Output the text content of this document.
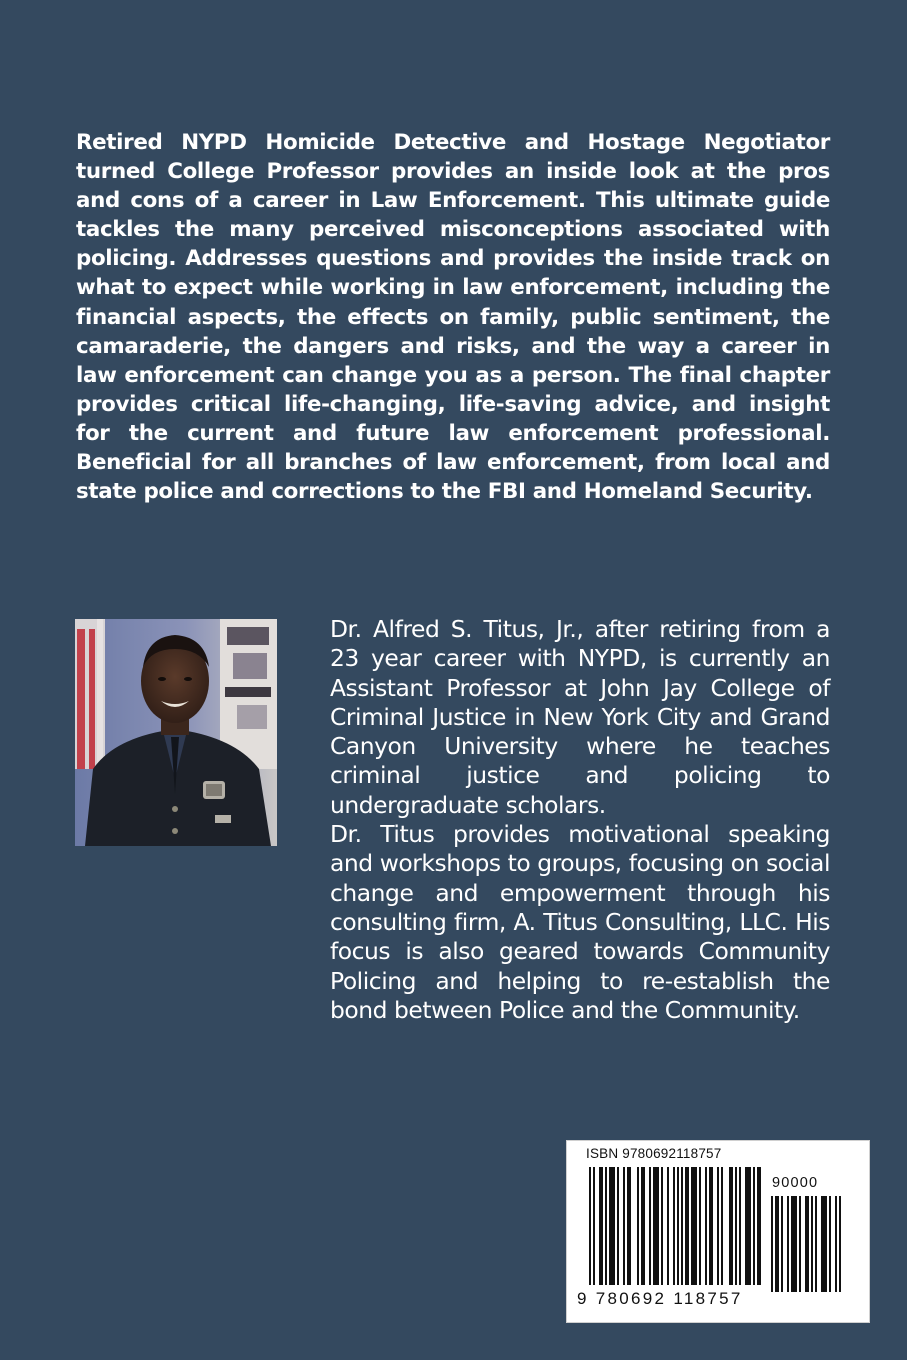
Retired NYPD Homicide Detective and Hostage Negotiator turned College Professor provides an inside look at the pros and cons of a career in Law Enforcement. This ultimate guide tackles the many perceived misconceptions associated with policing. Addresses questions and provides the inside track on what to expect while working in law enforcement, including the financial aspects, the effects on family, public sentiment, the camaraderie, the dangers and risks, and the way a career in law enforcement can change you as a person. The final chapter provides critical life-changing, life-saving advice, and insight for the current and future law enforcement professional. Beneficial for all branches of law enforcement, from local and state police and corrections to the FBI and Homeland Security.

Dr. Alfred S. Titus, Jr., after retiring from a 23 year career with NYPD, is currently an Assistant Professor at John Jay College of Criminal Justice in New York City and Grand Canyon University where he teaches criminal justice and policing to undergraduate scholars.

Dr. Titus provides motivational speaking and workshops to groups, focusing on social change and empowerment through his consulting firm, A. Titus Consulting, LLC. His focus is also geared towards Community Policing and helping to re-establish the bond between Police and the Community.

ISBN 9780692118757
90000
9 780692 118757
